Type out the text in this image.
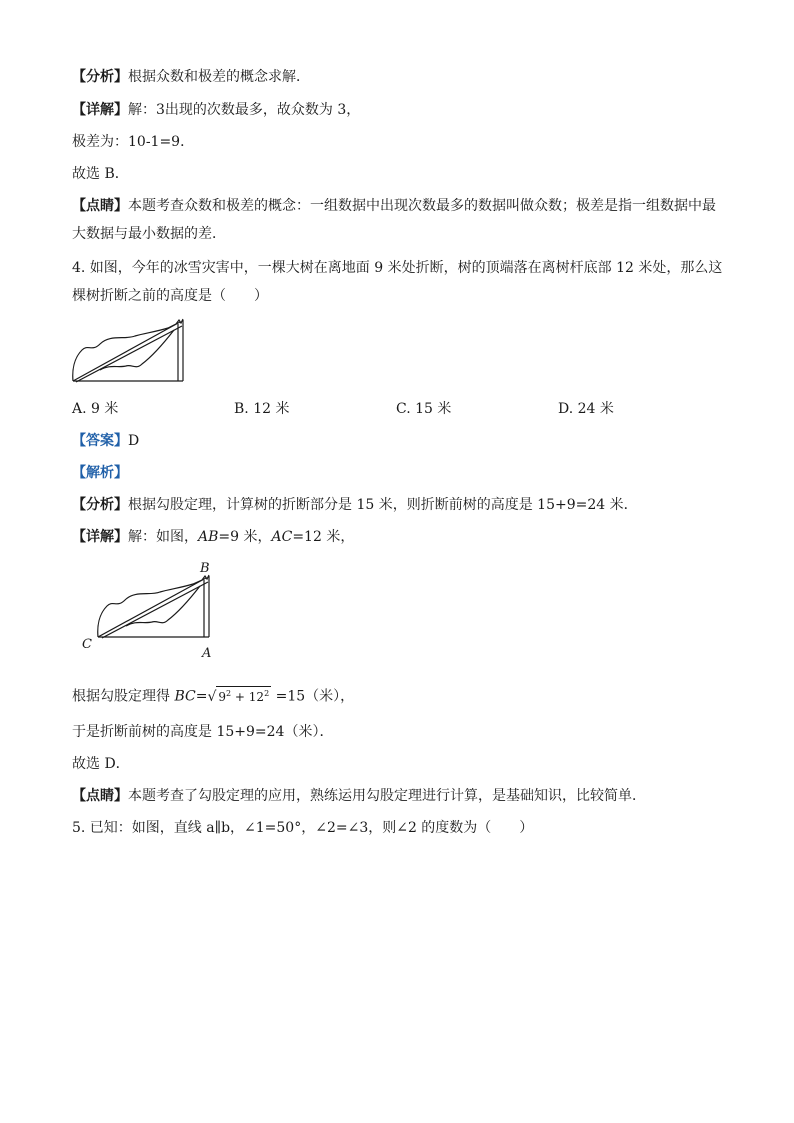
【分析】根据众数和极差的概念求解．
【详解】解：3出现的次数最多，故众数为 3，
极差为：10-1=9．
故选 B．
【点睛】本题考查众数和极差的概念：一组数据中出现次数最多的数据叫做众数；极差是指一组数据中最
大数据与最小数据的差．
4. 如图，今年的冰雪灾害中，一棵大树在离地面 9 米处折断，树的顶端落在离树杆底部 12 米处，那么这
棵树折断之前的高度是（　　）
A. 9 米	B. 12 米	C. 15 米	D. 24 米
【答案】D
【解析】
【分析】根据勾股定理，计算树的折断部分是 15 米，则折断前树的高度是 15+9=24 米．
【详解】解：如图，AB=9 米，AC=12 米，
B
C
A
根据勾股定理得 BC=√ $9^2 + 12^2 =15$（米），
于是折断前树的高度是 15+9=24（米）．
故选 D．
【点睛】本题考查了勾股定理的应用，熟练运用勾股定理进行计算，是基础知识，比较简单．
5. 已知：如图，直线 a∥b，∠1=50°，∠2=∠3，则∠2 的度数为（　　）
